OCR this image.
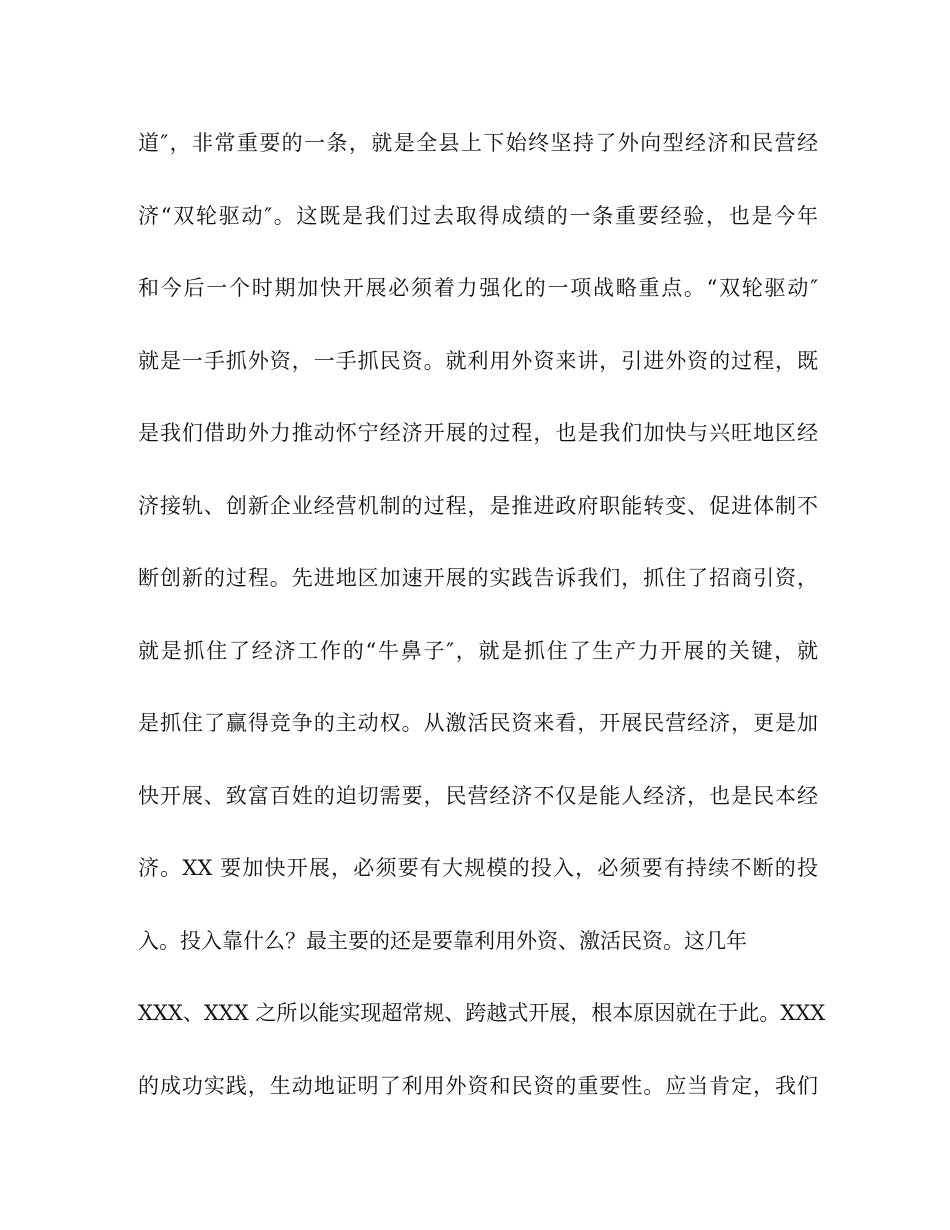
道″，非常重要的一条，就是全县上下始终坚持了外向型经济和民营经
济“双轮驱动″。这既是我们过去取得成绩的一条重要经验，也是今年
和今后一个时期加快开展必须着力强化的一项战略重点。“双轮驱动″
就是一手抓外资，一手抓民资。就利用外资来讲，引进外资的过程，既
是我们借助外力推动怀宁经济开展的过程，也是我们加快与兴旺地区经
济接轨、创新企业经营机制的过程，是推进政府职能转变、促进体制不
断创新的过程。先进地区加速开展的实践告诉我们，抓住了招商引资，
就是抓住了经济工作的“牛鼻子″，就是抓住了生产力开展的关键，就
是抓住了赢得竞争的主动权。从激活民资来看，开展民营经济，更是加
快开展、致富百姓的迫切需要，民营经济不仅是能人经济，也是民本经
济。XX 要加快开展，必须要有大规模的投入，必须要有持续不断的投
入。投入靠什么？最主要的还是要靠利用外资、激活民资。这几年
XXX、XXX 之所以能实现超常规、跨越式开展，根本原因就在于此。XXX
的成功实践，生动地证明了利用外资和民资的重要性。应当肯定，我们
